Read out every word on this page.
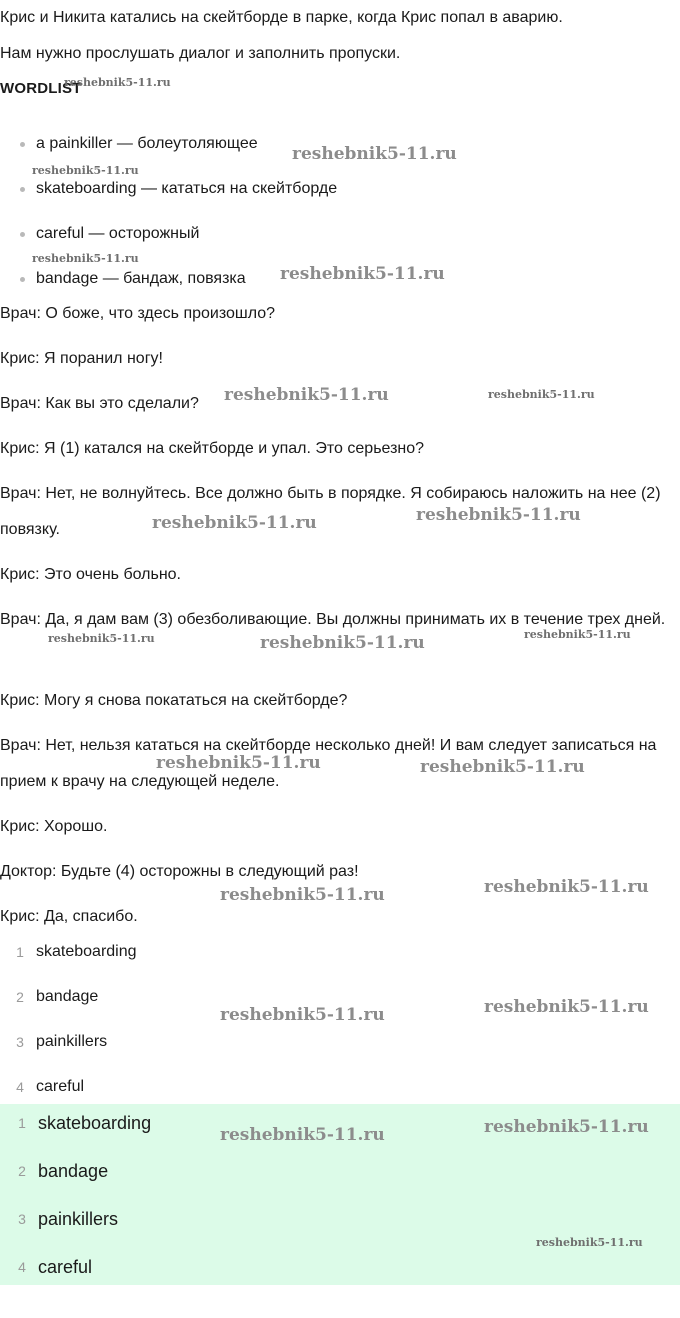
Крис и Никита катались на скейтборде в парке, когда Крис попал в аварию.
Нам нужно прослушать диалог и заполнить пропуски.
WORDLIST
a painkiller — болеутоляющее
skateboarding — кататься на скейтборде
careful — осторожный
bandage — бандаж, повязка
Врач: О боже, что здесь произошло?
Крис: Я поранил ногу!
Врач: Как вы это сделали?
Крис: Я (1) катался на скейтборде и упал. Это серьезно?
Врач: Нет, не волнуйтесь. Все должно быть в порядке. Я собираюсь наложить на нее (2) повязку.
Крис: Это очень больно.
Врач: Да, я дам вам (3) обезболивающие. Вы должны принимать их в течение трех дней.
Крис: Могу я снова покататься на скейтборде?
Врач: Нет, нельзя кататься на скейтборде несколько дней! И вам следует записаться на прием к врачу на следующей неделе.
Крис: Хорошо.
Доктор: Будьте (4) осторожны в следующий раз!
Крис: Да, спасибо.
1 skateboarding
2 bandage
3 painkillers
4 careful
1 skateboarding
2 bandage
3 painkillers
4 careful
reshebnik5-11.ru
reshebnik5-11.ru
reshebnik5-11.ru
reshebnik5-11.ru
reshebnik5-11.ru
reshebnik5-11.ru	reshebnik5-11.ru
reshebnik5-11.ru
reshebnik5-11.ru
reshebnik5-11.ru	reshebnik5-11.ru
reshebnik5-11.ru
reshebnik5-11.ru	reshebnik5-11.ru
reshebnik5-11.ru
reshebnik5-11.ru
reshebnik5-11.ru
reshebnik5-11.ru
reshebnik5-11.ru
reshebnik5-11.ru
reshebnik5-11.ru
